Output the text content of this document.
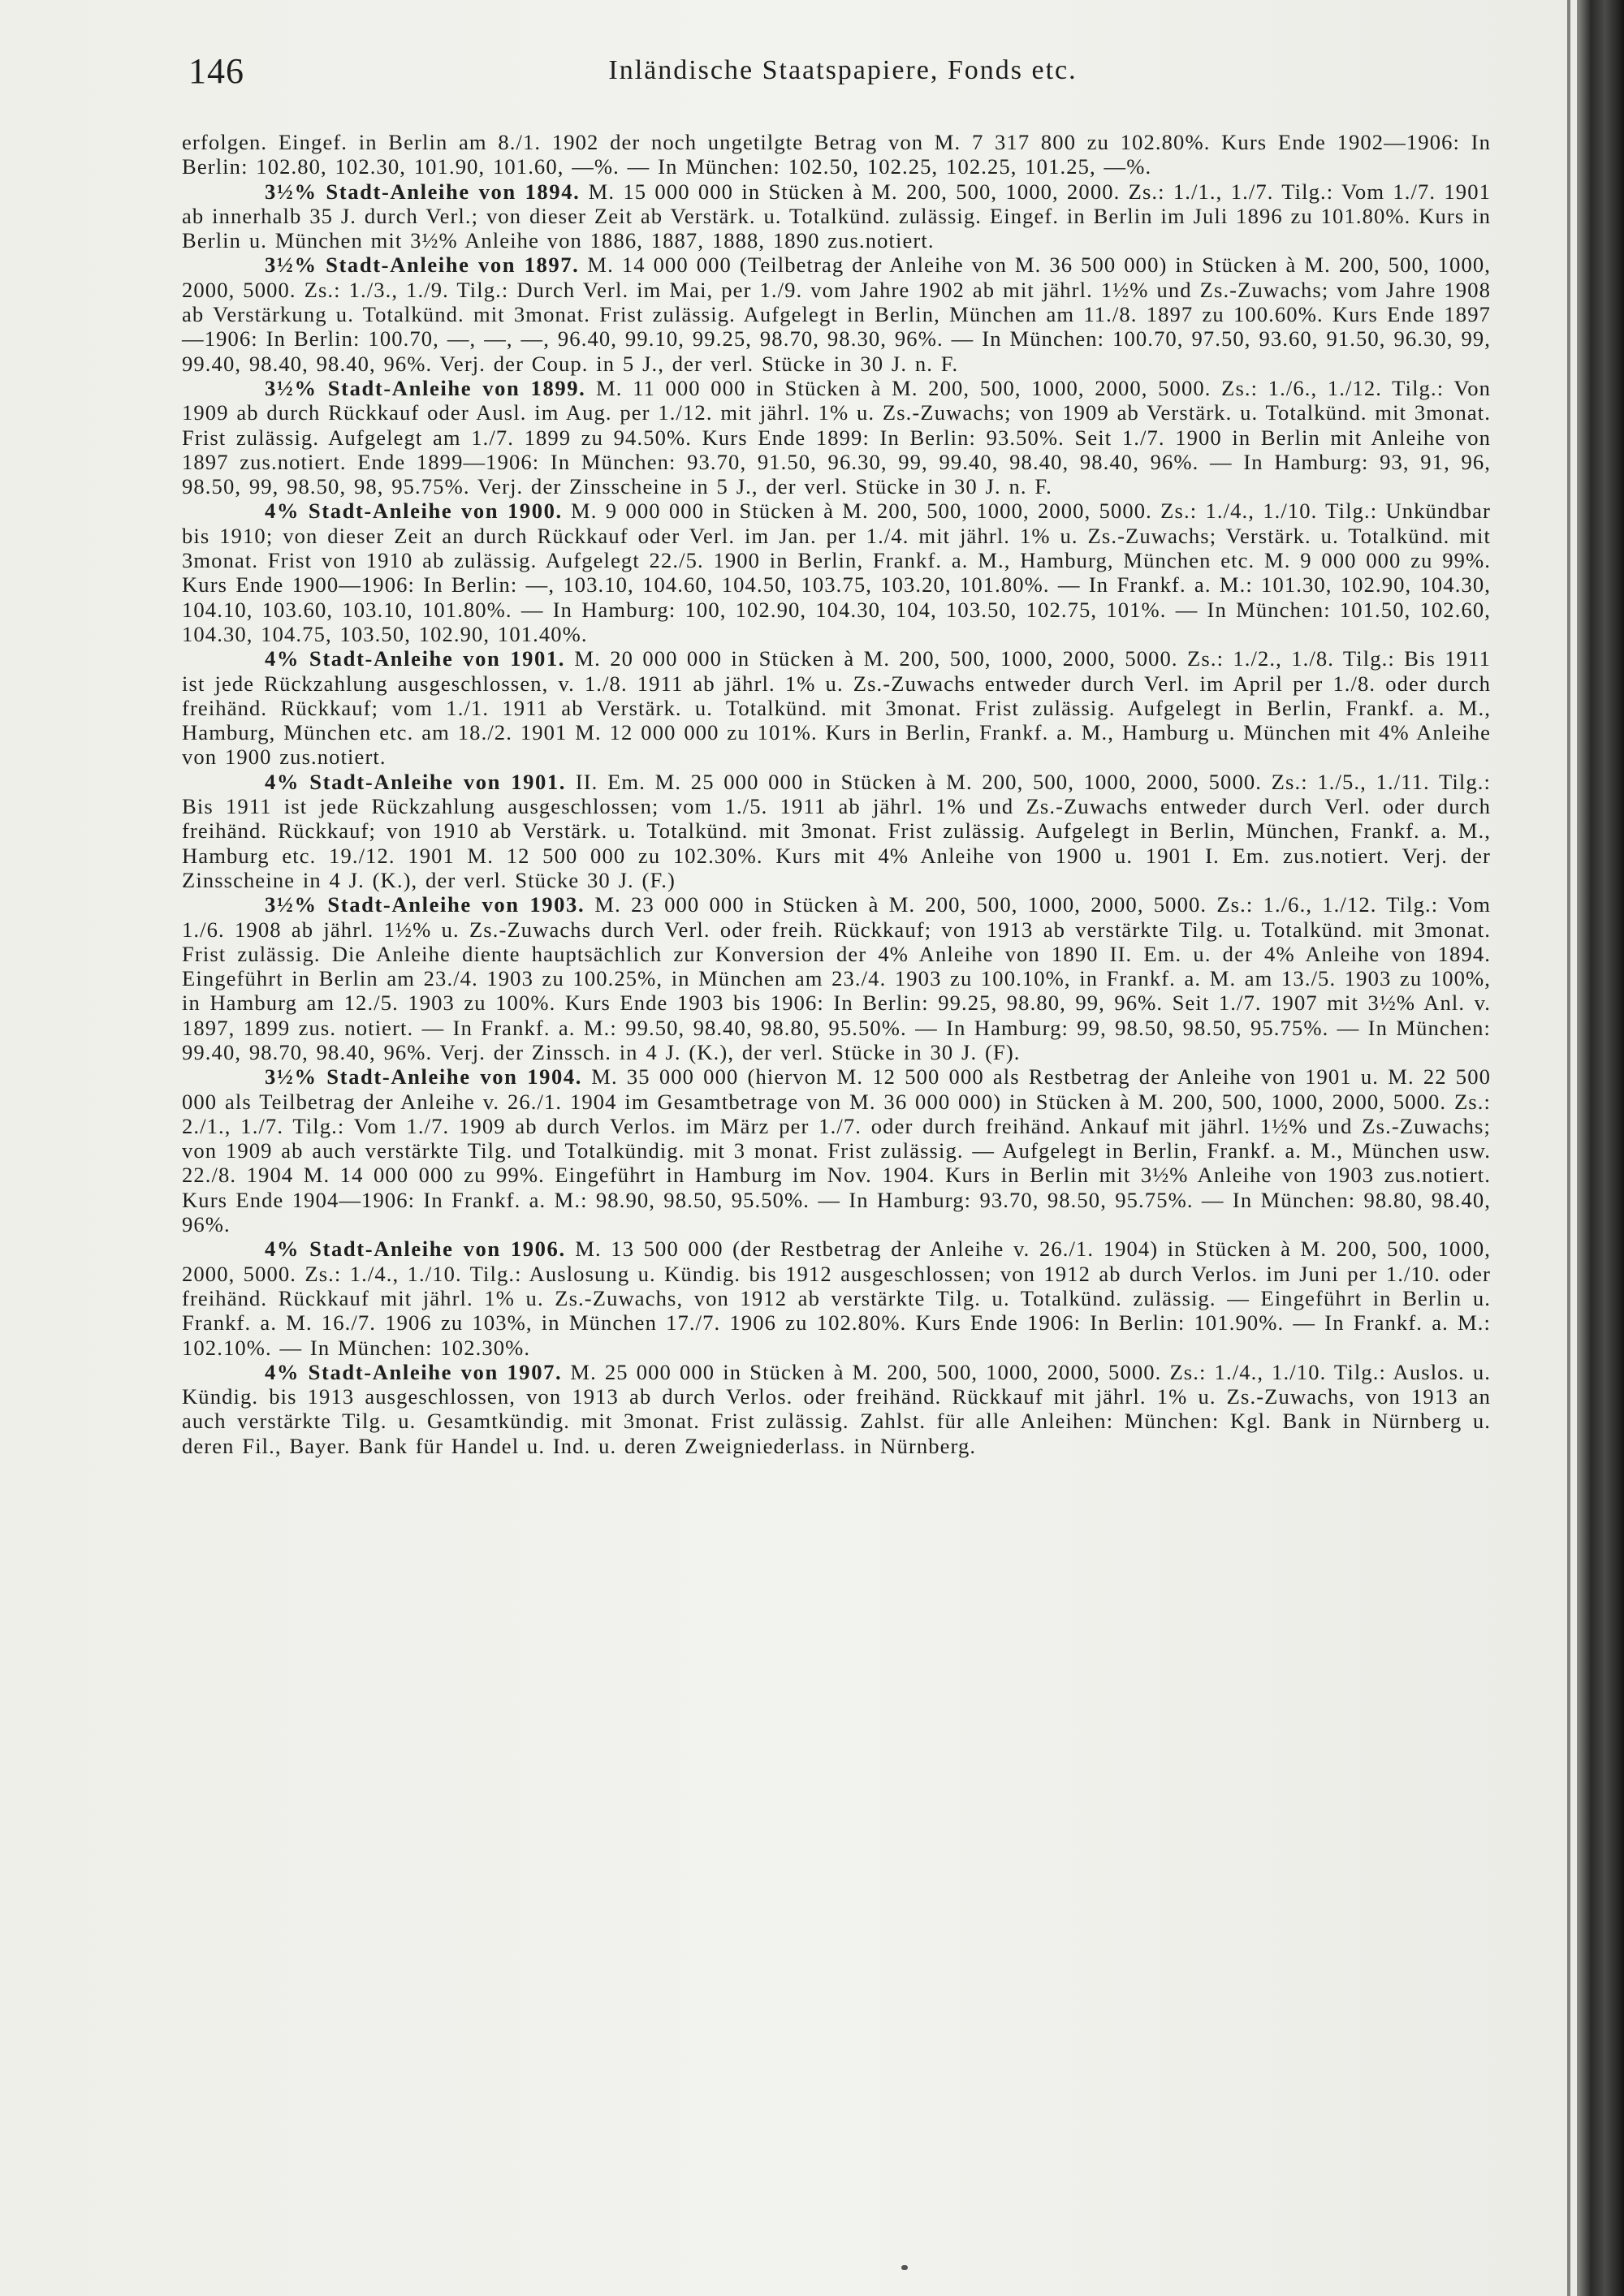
146	Inländische Staatspapiere, Fonds etc.

erfolgen. Eingef. in Berlin am 8./1. 1902 der noch ungetilgte Betrag von M. 7 317 800 zu 102.80%. Kurs Ende 1902—1906: In Berlin: 102.80, 102.30, 101.90, 101.60, —%. — In München: 102.50, 102.25, 102.25, 101.25, —%.

3½% Stadt-Anleihe von 1894. M. 15 000 000 in Stücken à M. 200, 500, 1000, 2000. Zs.: 1./1., 1./7. Tilg.: Vom 1./7. 1901 ab innerhalb 35 J. durch Verl.; von dieser Zeit ab Verstärk. u. Totalkünd. zulässig. Eingef. in Berlin im Juli 1896 zu 101.80%. Kurs in Berlin u. München mit 3½% Anleihe von 1886, 1887, 1888, 1890 zus.notiert.

3½% Stadt-Anleihe von 1897. M. 14 000 000 (Teilbetrag der Anleihe von M. 36 500 000) in Stücken à M. 200, 500, 1000, 2000, 5000. Zs.: 1./3., 1./9. Tilg.: Durch Verl. im Mai, per 1./9. vom Jahre 1902 ab mit jährl. 1½% und Zs.-Zuwachs; vom Jahre 1908 ab Verstärkung u. Totalkünd. mit 3monat. Frist zulässig. Aufgelegt in Berlin, München am 11./8. 1897 zu 100.60%. Kurs Ende 1897—1906: In Berlin: 100.70, —, —, —, 96.40, 99.10, 99.25, 98.70, 98.30, 96%. — In München: 100.70, 97.50, 93.60, 91.50, 96.30, 99, 99.40, 98.40, 98.40, 96%. Verj. der Coup. in 5 J., der verl. Stücke in 30 J. n. F.

3½% Stadt-Anleihe von 1899. M. 11 000 000 in Stücken à M. 200, 500, 1000, 2000, 5000. Zs.: 1./6., 1./12. Tilg.: Von 1909 ab durch Rückkauf oder Ausl. im Aug. per 1./12. mit jährl. 1% u. Zs.-Zuwachs; von 1909 ab Verstärk. u. Totalkünd. mit 3monat. Frist zulässig. Aufgelegt am 1./7. 1899 zu 94.50%. Kurs Ende 1899: In Berlin: 93.50%. Seit 1./7. 1900 in Berlin mit Anleihe von 1897 zus.notiert. Ende 1899—1906: In München: 93.70, 91.50, 96.30, 99, 99.40, 98.40, 98.40, 96%. — In Hamburg: 93, 91, 96, 98.50, 99, 98.50, 98, 95.75%. Verj. der Zinsscheine in 5 J., der verl. Stücke in 30 J. n. F.

4% Stadt-Anleihe von 1900. M. 9 000 000 in Stücken à M. 200, 500, 1000, 2000, 5000. Zs.: 1./4., 1./10. Tilg.: Unkündbar bis 1910; von dieser Zeit an durch Rückkauf oder Verl. im Jan. per 1./4. mit jährl. 1% u. Zs.-Zuwachs; Verstärk. u. Totalkünd. mit 3monat. Frist von 1910 ab zulässig. Aufgelegt 22./5. 1900 in Berlin, Frankf. a. M., Hamburg, München etc. M. 9 000 000 zu 99%. Kurs Ende 1900—1906: In Berlin: —, 103.10, 104.60, 104.50, 103.75, 103.20, 101.80%. — In Frankf. a. M.: 101.30, 102.90, 104.30, 104.10, 103.60, 103.10, 101.80%. — In Hamburg: 100, 102.90, 104.30, 104, 103.50, 102.75, 101%. — In München: 101.50, 102.60, 104.30, 104.75, 103.50, 102.90, 101.40%.

4% Stadt-Anleihe von 1901. M. 20 000 000 in Stücken à M. 200, 500, 1000, 2000, 5000. Zs.: 1./2., 1./8. Tilg.: Bis 1911 ist jede Rückzahlung ausgeschlossen, v. 1./8. 1911 ab jährl. 1% u. Zs.-Zuwachs entweder durch Verl. im April per 1./8. oder durch freihänd. Rückkauf; vom 1./1. 1911 ab Verstärk. u. Totalkünd. mit 3monat. Frist zulässig. Aufgelegt in Berlin, Frankf. a. M., Hamburg, München etc. am 18./2. 1901 M. 12 000 000 zu 101%. Kurs in Berlin, Frankf. a. M., Hamburg u. München mit 4% Anleihe von 1900 zus.notiert.

4% Stadt-Anleihe von 1901. II. Em. M. 25 000 000 in Stücken à M. 200, 500, 1000, 2000, 5000. Zs.: 1./5., 1./11. Tilg.: Bis 1911 ist jede Rückzahlung ausgeschlossen; vom 1./5. 1911 ab jährl. 1% und Zs.-Zuwachs entweder durch Verl. oder durch freihänd. Rückkauf; von 1910 ab Verstärk. u. Totalkünd. mit 3monat. Frist zulässig. Aufgelegt in Berlin, München, Frankf. a. M., Hamburg etc. 19./12. 1901 M. 12 500 000 zu 102.30%. Kurs mit 4% Anleihe von 1900 u. 1901 I. Em. zus.notiert. Verj. der Zinsscheine in 4 J. (K.), der verl. Stücke 30 J. (F.)

3½% Stadt-Anleihe von 1903. M. 23 000 000 in Stücken à M. 200, 500, 1000, 2000, 5000. Zs.: 1./6., 1./12. Tilg.: Vom 1./6. 1908 ab jährl. 1½% u. Zs.-Zuwachs durch Verl. oder freih. Rückkauf; von 1913 ab verstärkte Tilg. u. Totalkünd. mit 3monat. Frist zulässig. Die Anleihe diente hauptsächlich zur Konversion der 4% Anleihe von 1890 II. Em. u. der 4% Anleihe von 1894. Eingeführt in Berlin am 23./4. 1903 zu 100.25%, in München am 23./4. 1903 zu 100.10%, in Frankf. a. M. am 13./5. 1903 zu 100%, in Hamburg am 12./5. 1903 zu 100%. Kurs Ende 1903 bis 1906: In Berlin: 99.25, 98.80, 99, 96%. Seit 1./7. 1907 mit 3½% Anl. v. 1897, 1899 zus. notiert. — In Frankf. a. M.: 99.50, 98.40, 98.80, 95.50%. — In Hamburg: 99, 98.50, 98.50, 95.75%. — In München: 99.40, 98.70, 98.40, 96%. Verj. der Zinssch. in 4 J. (K.), der verl. Stücke in 30 J. (F).

3½% Stadt-Anleihe von 1904. M. 35 000 000 (hiervon M. 12 500 000 als Restbetrag der Anleihe von 1901 u. M. 22 500 000 als Teilbetrag der Anleihe v. 26./1. 1904 im Gesamtbetrage von M. 36 000 000) in Stücken à M. 200, 500, 1000, 2000, 5000. Zs.: 2./1., 1./7. Tilg.: Vom 1./7. 1909 ab durch Verlos. im März per 1./7. oder durch freihänd. Ankauf mit jährl. 1½% und Zs.-Zuwachs; von 1909 ab auch verstärkte Tilg. und Totalkündig. mit 3 monat. Frist zulässig. — Aufgelegt in Berlin, Frankf. a. M., München usw. 22./8. 1904 M. 14 000 000 zu 99%. Eingeführt in Hamburg im Nov. 1904. Kurs in Berlin mit 3½% Anleihe von 1903 zus.notiert. Kurs Ende 1904—1906: In Frankf. a. M.: 98.90, 98.50, 95.50%. — In Hamburg: 93.70, 98.50, 95.75%. — In München: 98.80, 98.40, 96%.

4% Stadt-Anleihe von 1906. M. 13 500 000 (der Restbetrag der Anleihe v. 26./1. 1904) in Stücken à M. 200, 500, 1000, 2000, 5000. Zs.: 1./4., 1./10. Tilg.: Auslosung u. Kündig. bis 1912 ausgeschlossen; von 1912 ab durch Verlos. im Juni per 1./10. oder freihänd. Rückkauf mit jährl. 1% u. Zs.-Zuwachs, von 1912 ab verstärkte Tilg. u. Totalkünd. zulässig. — Eingeführt in Berlin u. Frankf. a. M. 16./7. 1906 zu 103%, in München 17./7. 1906 zu 102.80%. Kurs Ende 1906: In Berlin: 101.90%. — In Frankf. a. M.: 102.10%. — In München: 102.30%.

4% Stadt-Anleihe von 1907. M. 25 000 000 in Stücken à M. 200, 500, 1000, 2000, 5000. Zs.: 1./4., 1./10. Tilg.: Auslos. u. Kündig. bis 1913 ausgeschlossen, von 1913 ab durch Verlos. oder freihänd. Rückkauf mit jährl. 1% u. Zs.-Zuwachs, von 1913 an auch verstärkte Tilg. u. Gesamtkündig. mit 3monat. Frist zulässig. Zahlst. für alle Anleihen: München: Kgl. Bank in Nürnberg u. deren Fil., Bayer. Bank für Handel u. Ind. u. deren Zweigniederlass. in Nürnberg.
